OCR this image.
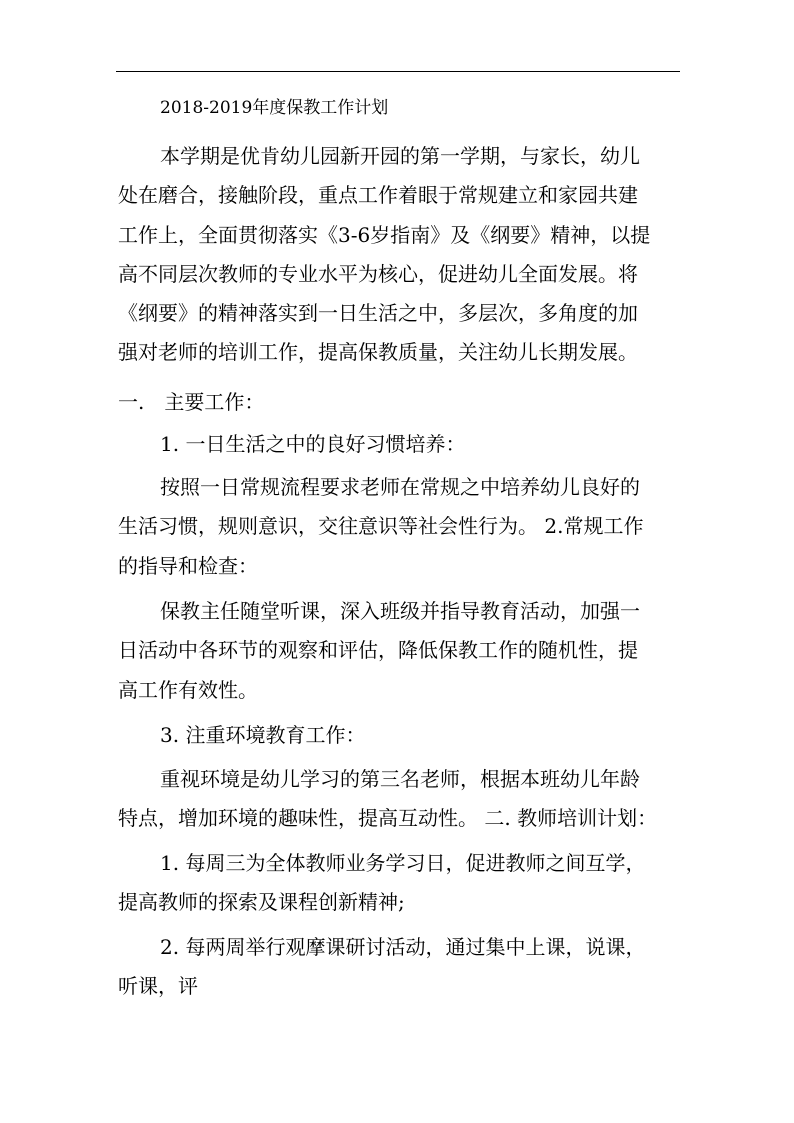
2018-2019年度保教工作计划
本学期是优肯幼儿园新开园的第一学期，与家长，幼儿
处在磨合，接触阶段，重点工作着眼于常规建立和家园共建
工作上，全面贯彻落实《3-6岁指南》及《纲要》精神，以提
高不同层次教师的专业水平为核心，促进幼儿全面发展。将
《纲要》的精神落实到一日生活之中，多层次，多角度的加
强对老师的培训工作，提高保教质量，关注幼儿长期发展。
一.　主要工作：
1. 一日生活之中的良好习惯培养：
按照一日常规流程要求老师在常规之中培养幼儿良好的
生活习惯，规则意识，交往意识等社会性行为。 2.常规工作
的指导和检查：
保教主任随堂听课，深入班级并指导教育活动，加强一
日活动中各环节的观察和评估，降低保教工作的随机性，提
高工作有效性。
3. 注重环境教育工作：
重视环境是幼儿学习的第三名老师，根据本班幼儿年龄
特点，增加环境的趣味性，提高互动性。 二. 教师培训计划：
1. 每周三为全体教师业务学习日，促进教师之间互学，
提高教师的探索及课程创新精神;
2. 每两周举行观摩课研讨活动，通过集中上课，说课，
听课，评
